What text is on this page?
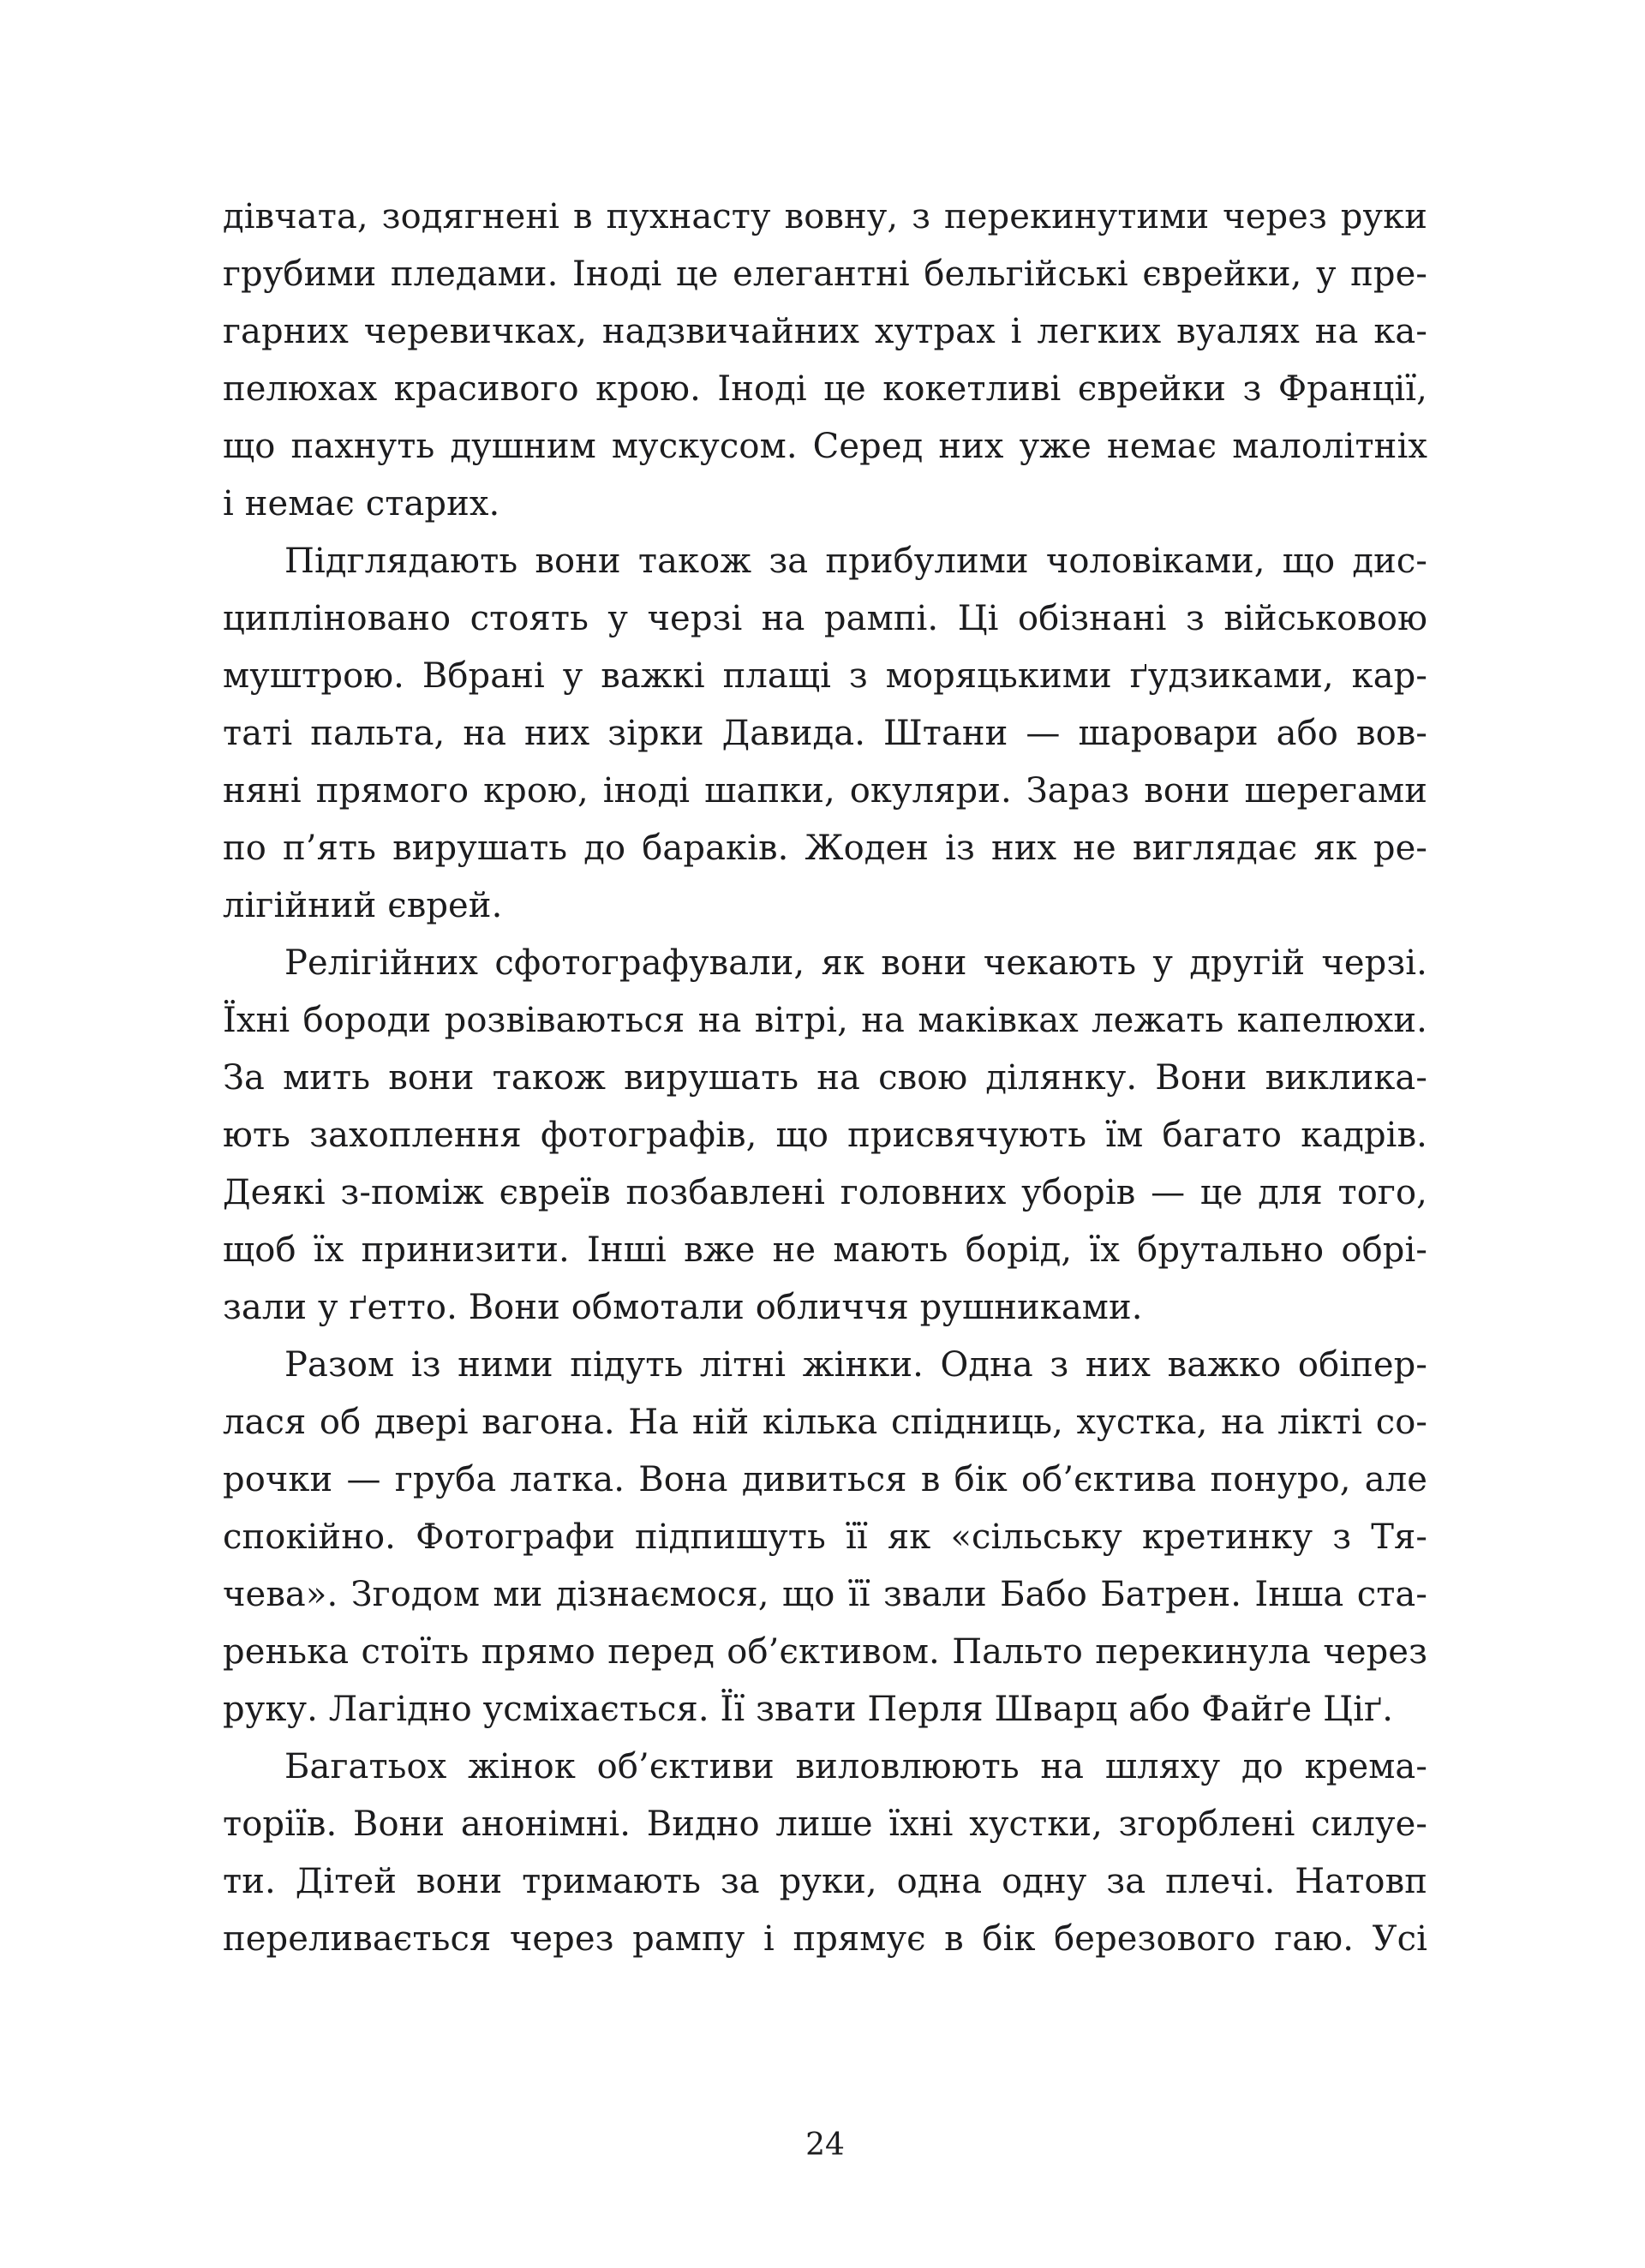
дівчата, зодягнені в пухнасту вовну, з перекинутими через руки
грубими пледами. Іноді це елегантні бельгійські єврейки, у пре-
гарних черевичках, надзвичайних хутрах і легких вуалях на ка-
пелюхах красивого крою. Іноді це кокетливі єврейки з Франції,
що пахнуть душним мускусом. Серед них уже немає малолітніх
і немає старих.
Підглядають вони також за прибулими чоловіками, що дис-
ципліновано стоять у черзі на рампі. Ці обізнані з військовою
муштрою. Вбрані у важкі плащі з моряцькими ґудзиками, кар-
таті пальта, на них зірки Давида. Штани — шаровари або вов-
няні прямого крою, іноді шапки, окуляри. Зараз вони шерегами
по п’ять вирушать до бараків. Жоден із них не виглядає як ре-
лігійний єврей.
Релігійних сфотографували, як вони чекають у другій черзі.
Їхні бороди розвіваються на вітрі, на маківках лежать капелюхи.
За мить вони також вирушать на свою ділянку. Вони виклика-
ють захоплення фотографів, що присвячують їм багато кадрів.
Деякі з-поміж євреїв позбавлені головних уборів — це для того,
щоб їх принизити. Інші вже не мають борід, їх брутально обрі-
зали у ґетто. Вони обмотали обличчя рушниками.
Разом із ними підуть літні жінки. Одна з них важко обіпер-
лася об двері вагона. На ній кілька спідниць, хустка, на лікті со-
рочки — груба латка. Вона дивиться в бік об’єктива понуро, але
спокійно. Фотографи підпишуть її як «сільську кретинку з Тя-
чева». Згодом ми дізнаємося, що її звали Бабо Батрен. Інша ста-
ренька стоїть прямо перед об’єктивом. Пальто перекинула через
руку. Лагідно усміхається. Її звати Перля Шварц або Файґе Ціґ.
Багатьох жінок об’єктиви виловлюють на шляху до крема-
торіїв. Вони анонімні. Видно лише їхні хустки, згорблені силуе-
ти. Дітей вони тримають за руки, одна одну за плечі. Натовп
переливається через рампу і прямує в бік березового гаю. Усі
24
